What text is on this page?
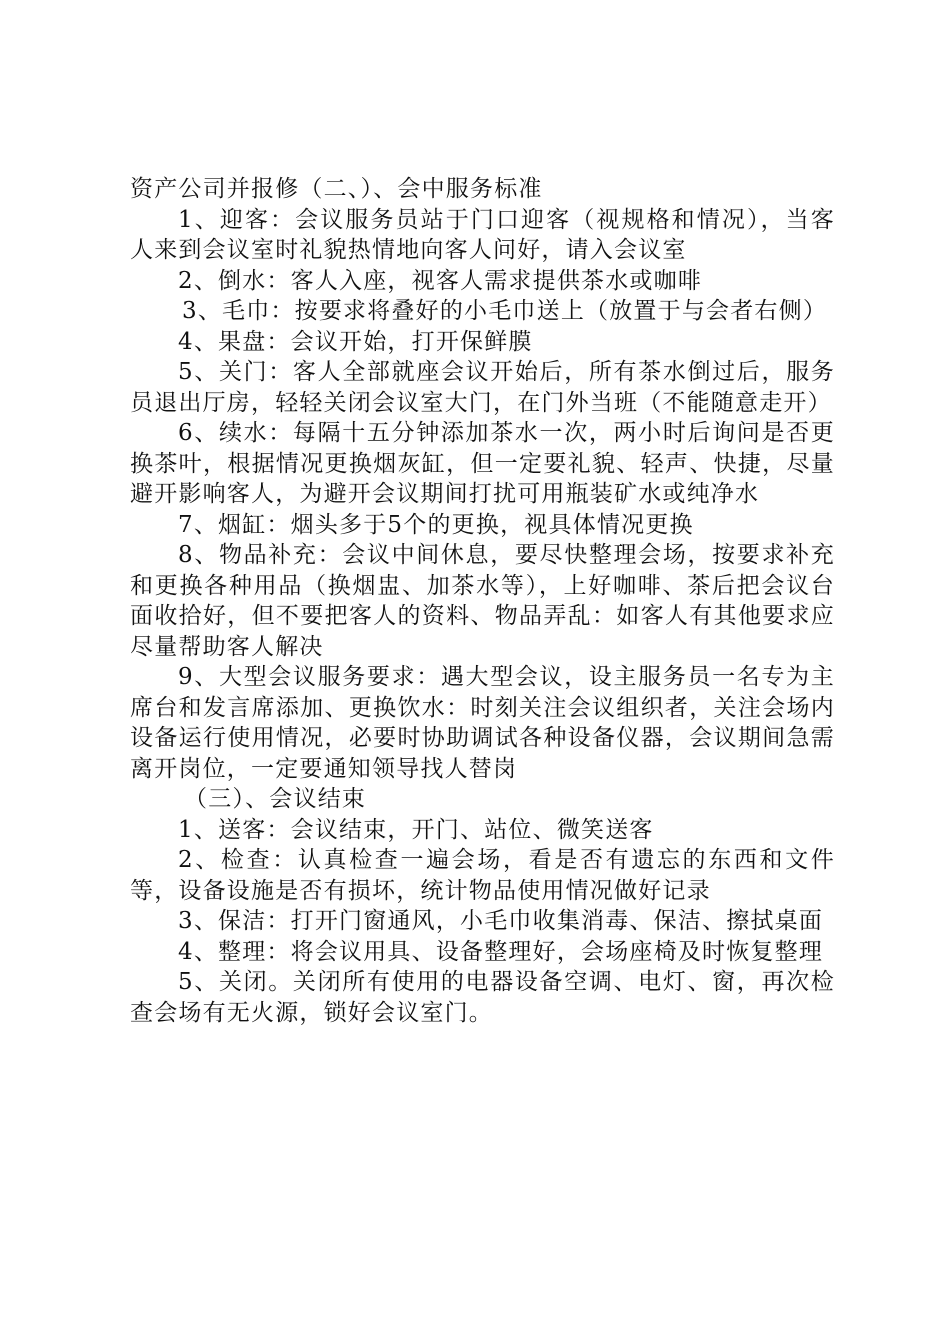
资产公司并报修（二、）、会中服务标准

1、迎客：会议服务员站于门口迎客（视规格和情况），当客人来到会议室时礼貌热情地向客人问好，请入会议室

2、倒水：客人入座，视客人需求提供茶水或咖啡

3、毛巾：按要求将叠好的小毛巾送上（放置于与会者右侧）

4、果盘：会议开始，打开保鲜膜

5、关门：客人全部就座会议开始后，所有茶水倒过后，服务员退出厅房，轻轻关闭会议室大门，在门外当班（不能随意走开）

6、续水：每隔十五分钟添加茶水一次，两小时后询问是否更换茶叶，根据情况更换烟灰缸，但一定要礼貌、轻声、快捷，尽量避开影响客人，为避开会议期间打扰可用瓶装矿水或纯净水

7、烟缸：烟头多于5个的更换，视具体情况更换

8、物品补充：会议中间休息，要尽快整理会场，按要求补充和更换各种用品（换烟盅、加茶水等），上好咖啡、茶后把会议台面收拾好，但不要把客人的资料、物品弄乱：如客人有其他要求应尽量帮助客人解决

9、大型会议服务要求：遇大型会议，设主服务员一名专为主席台和发言席添加、更换饮水：时刻关注会议组织者，关注会场内设备运行使用情况，必要时协助调试各种设备仪器，会议期间急需离开岗位，一定要通知领导找人替岗

（三）、会议结束

1、送客：会议结束，开门、站位、微笑送客

2、检查：认真检查一遍会场，看是否有遗忘的东西和文件等，设备设施是否有损坏，统计物品使用情况做好记录

3、保洁：打开门窗通风，小毛巾收集消毒、保洁、擦拭桌面

4、整理：将会议用具、设备整理好，会场座椅及时恢复整理

5、关闭。关闭所有使用的电器设备空调、电灯、窗，再次检查会场有无火源，锁好会议室门。
